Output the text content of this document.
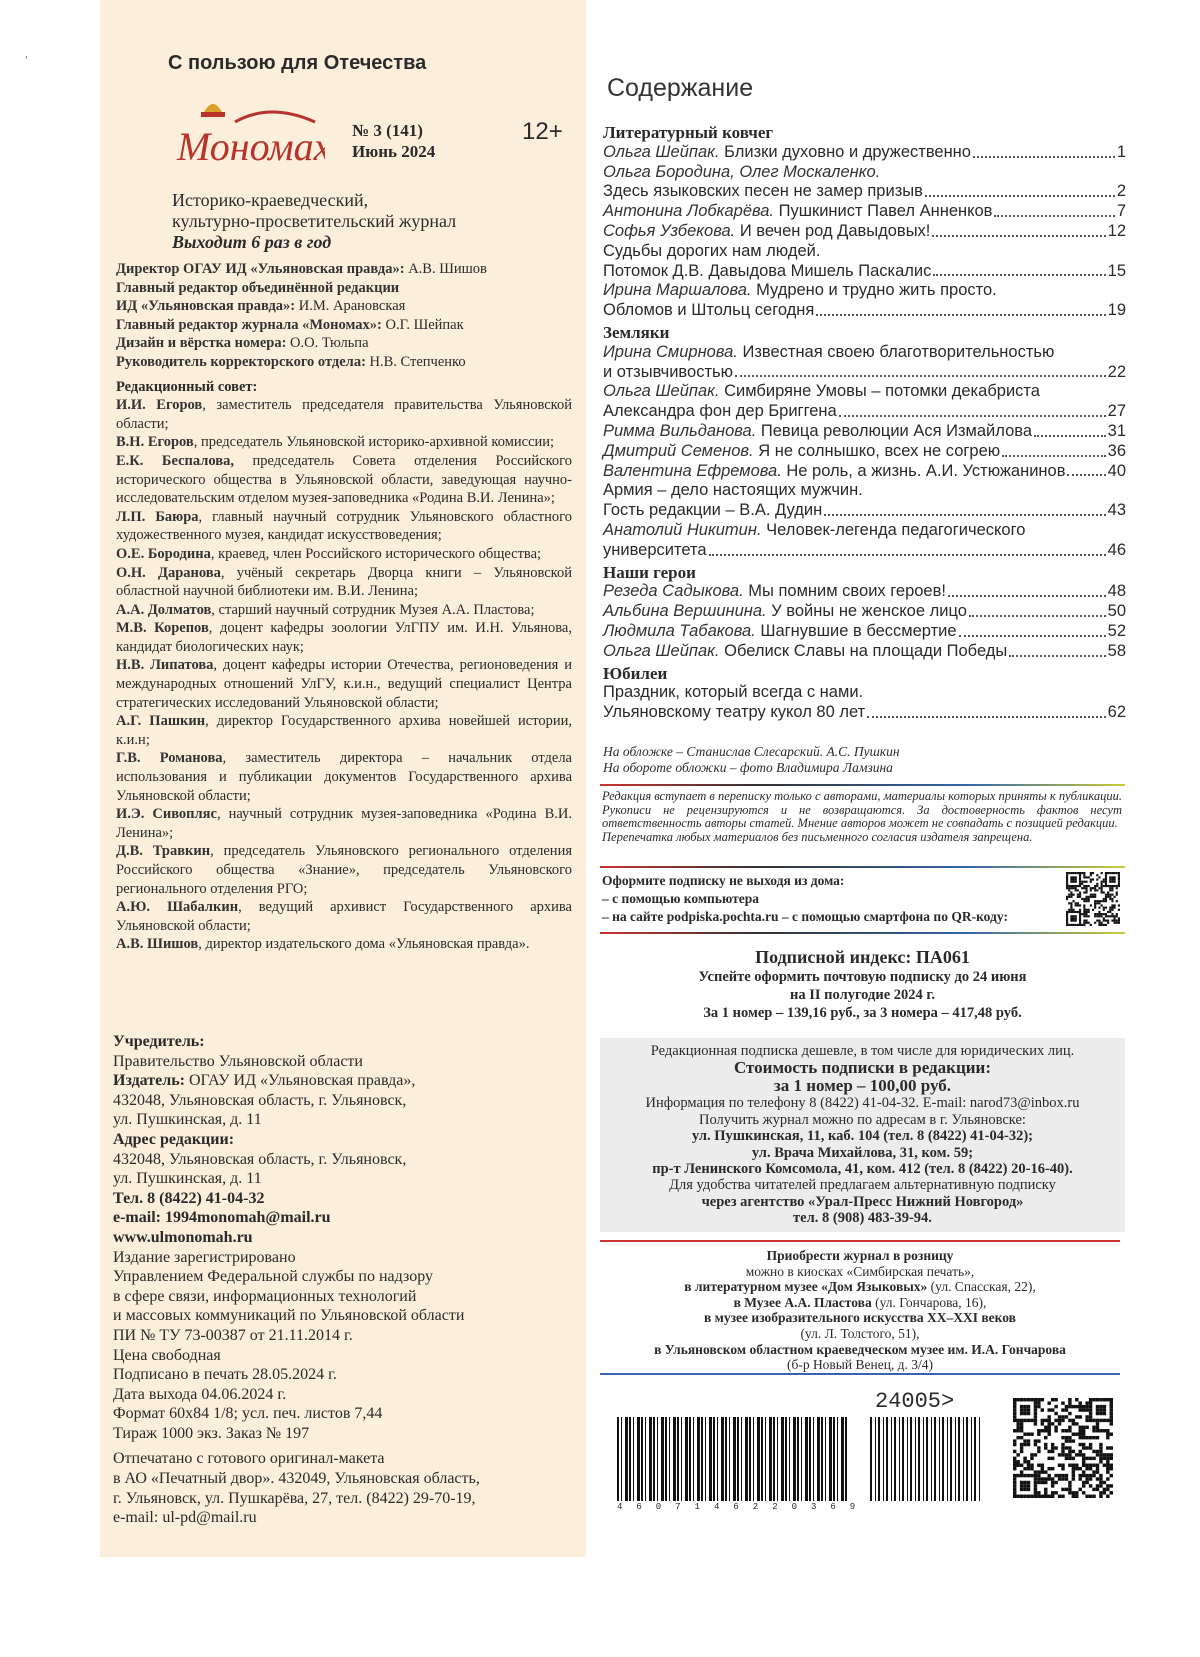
ˈ	С пользою для Отечества
Мономах № 3 (141)
Июнь 2024
12+
Историко-краеведческий,
культурно-просветительский журнал
Выходит 6 раз в год
Директор ОГАУ ИД «Ульяновская правда»: А.В. Шишов
Главный редактор объединённой редакции
ИД «Ульяновская правда»: И.М. Арановская
Главный редактор журнала «Мономах»: О.Г. Шейпак
Дизайн и вёрстка номера: О.О. Тюльпа
Руководитель корректорского отдела: Н.В. Степченко
Редакционный совет:
И.И. Егоров, заместитель председателя правительства Ульяновской области;
В.Н. Егоров, председатель Ульяновской историко-архивной комиссии;
Е.К. Беспалова, председатель Совета отделения Российского исторического общества в Ульяновской области, заведующая научно-исследовательским отделом музея-заповедника «Родина В.И. Ленина»;
Л.П. Баюра, главный научный сотрудник Ульяновского областного художественного музея, кандидат искусствоведения;
О.Е. Бородина, краевед, член Российского исторического общества;
О.Н. Даранова, учёный секретарь Дворца книги – Ульяновской областной научной библиотеки им. В.И. Ленина;
А.А. Долматов, старший научный сотрудник Музея А.А. Пластова;
М.В. Корепов, доцент кафедры зоологии УлГПУ им. И.Н. Ульянова, кандидат биологических наук;
Н.В. Липатова, доцент кафедры истории Отечества, регионоведения и международных отношений УлГУ, к.и.н., ведущий специалист Центра стратегических исследований Ульяновской области;
А.Г. Пашкин, директор Государственного архива новейшей истории, к.и.н;
Г.В. Романова, заместитель директора – начальник отдела использования и публикации документов Государственного архива Ульяновской области;
И.Э. Сивопляс, научный сотрудник музея-заповедника «Родина В.И. Ленина»;
Д.В. Травкин, председатель Ульяновского регионального отделения Российского общества «Знание», председатель Ульяновского регионального отделения РГО;
А.Ю. Шабалкин, ведущий архивист Государственного архива Ульяновской области;
А.В. Шишов, директор издательского дома «Ульяновская правда».
Учредитель:
Правительство Ульяновской области
Издатель: ОГАУ ИД «Ульяновская правда»,
432048, Ульяновская область, г. Ульяновск,
ул. Пушкинская, д. 11
Адрес редакции:
432048, Ульяновская область, г. Ульяновск,
ул. Пушкинская, д. 11
Тел. 8 (8422) 41-04-32
e-mail: 1994monomah@mail.ru
www.ulmonomah.ru
Издание зарегистрировано
Управлением Федеральной службы по надзору
в сфере связи, информационных технологий
и массовых коммуникаций по Ульяновской области
ПИ № ТУ 73-00387 от 21.11.2014 г.
Цена свободная
Подписано в печать 28.05.2024 г.
Дата выхода 04.06.2024 г.
Формат 60х84 1/8; усл. печ. листов 7,44
Тираж 1000 экз. Заказ № 197
Отпечатано с готового оригинал-макета
в АО «Печатный двор». 432049, Ульяновская область,
г. Ульяновск, ул. Пушкарёва, 27, тел. (8422) 29-70-19,
e-mail: ul-pd@mail.ru
Содержание
Литературный ковчег
Ольга Шейпак. Близки духовно и дружественно	1
Ольга Бородина, Олег Москаленко.
Здесь языковских песен не замер призыв	2
Антонина Лобкарёва. Пушкинист Павел Анненков	7
Софья Узбекова. И вечен род Давыдовых!	12
Судьбы дорогих нам людей.
Потомок Д.В. Давыдова Мишель Паскалис	15
Ирина Маршалова. Мудрено и трудно жить просто.
Обломов и Штольц сегодня	19
Земляки
Ирина Смирнова. Известная своею благотворительностью
и отзывчивостью	22
Ольга Шейпак. Симбиряне Умовы – потомки декабриста
Александра фон дер Бриггена	27
Римма Вильданова. Певица революции Ася Измайлова	31
Дмитрий Семенов. Я не солнышко, всех не согрею	36
Валентина Ефремова. Не роль, а жизнь. А.И. Устюжанинов	40
Армия – дело настоящих мужчин.
Гость редакции – В.А. Дудин	43
Анатолий Никитин. Человек-легенда педагогического
университета	46
Наши герои
Резеда Садыкова. Мы помним своих героев!	48
Альбина Вершинина. У войны не женское лицо	50
Людмила Табакова. Шагнувшие в бессмертие	52
Ольга Шейпак. Обелиск Славы на площади Победы	58
Юбилеи
Праздник, который всегда с нами.
Ульяновскому театру кукол 80 лет	62
На обложке – Станислав Слесарский. А.С. Пушкин
На обороте обложки – фото Владимира Ламзина
Редакция вступает в переписку только с авторами, материалы которых приняты к публикации. Рукописи не рецензируются и не возвращаются. За достоверность фактов несут ответственность авторы статей. Мнение авторов может не совпадать с позицией редакции.
Перепечатка любых материалов без письменного согласия издателя запрещена.
Оформите подписку не выходя из дома:
– с помощью компьютера
– на сайте podpiska.pochta.ru – с помощью смартфона по QR-коду:
Подписной индекс: ПА061
Успейте оформить почтовую подписку до 24 июня
на II полугодие 2024 г.
За 1 номер – 139,16 руб., за 3 номера – 417,48 руб.
Редакционная подписка дешевле, в том числе для юридических лиц.
Стоимость подписки в редакции:
за 1 номер – 100,00 руб.
Информация по телефону 8 (8422) 41-04-32. E-mail: narod73@inbox.ru
Получить журнал можно по адресам в г. Ульяновске:
ул. Пушкинская, 11, каб. 104 (тел. 8 (8422) 41-04-32);
ул. Врача Михайлова, 31, ком. 59;
пр-т Ленинского Комсомола, 41, ком. 412 (тел. 8 (8422) 20-16-40).
Для удобства читателей предлагаем альтернативную подписку
через агентство «Урал-Пресс Нижний Новгород»
тел. 8 (908) 483-39-94.
Приобрести журнал в розницу
можно в киосках «Симбирская печать»,
в литературном музее «Дом Языковых» (ул. Спасская, 22),
в Музее А.А. Пластова (ул. Гончарова, 16),
в музее изобразительного искусства XX–XXI веков
(ул. Л. Толстого, 51),
в Ульяновском областном краеведческом музее им. И.А. Гончарова
(б-р Новый Венец, д. 3/4)
24005>
4607146220369
